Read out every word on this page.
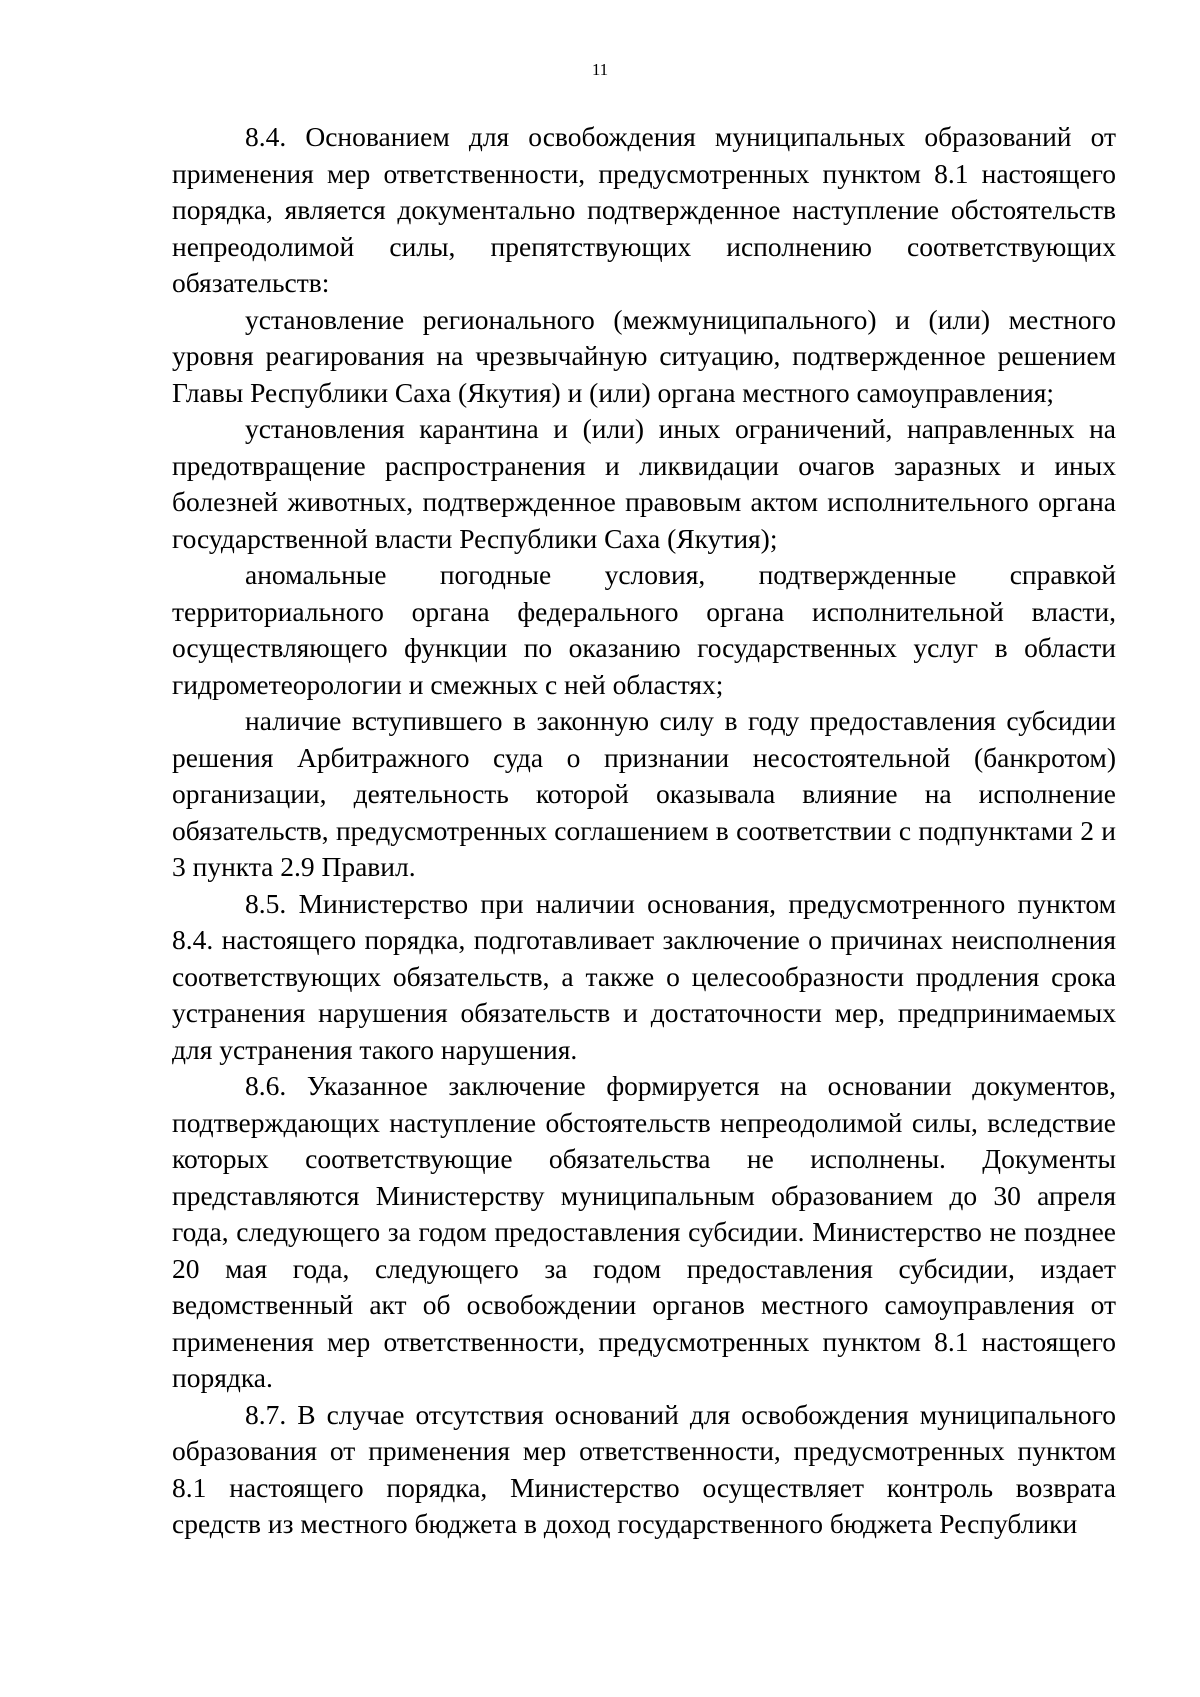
11

8.4. Основанием для освобождения муниципальных образований от применения мер ответственности, предусмотренных пунктом 8.1 настоящего порядка, является документально подтвержденное наступление обстоятельств непреодолимой силы, препятствующих исполнению соответствующих обязательств:

установление регионального (межмуниципального) и (или) местного уровня реагирования на чрезвычайную ситуацию, подтвержденное решением Главы Республики Саха (Якутия) и (или) органа местного самоуправления;

установления карантина и (или) иных ограничений, направленных на предотвращение распространения и ликвидации очагов заразных и иных болезней животных, подтвержденное правовым актом исполнительного органа государственной власти Республики Саха (Якутия);

аномальные погодные условия, подтвержденные справкой территориального органа федерального органа исполнительной власти, осуществляющего функции по оказанию государственных услуг в области гидрометеорологии и смежных с ней областях;

наличие вступившего в законную силу в году предоставления субсидии решения Арбитражного суда о признании несостоятельной (банкротом) организации, деятельность которой оказывала влияние на исполнение обязательств, предусмотренных соглашением в соответствии с подпунктами 2 и 3 пункта 2.9 Правил.

8.5. Министерство при наличии основания, предусмотренного пунктом 8.4. настоящего порядка, подготавливает заключение о причинах неисполнения соответствующих обязательств, а также о целесообразности продления срока устранения нарушения обязательств и достаточности мер, предпринимаемых для устранения такого нарушения.

8.6. Указанное заключение формируется на основании документов, подтверждающих наступление обстоятельств непреодолимой силы, вследствие которых соответствующие обязательства не исполнены. Документы представляются Министерству муниципальным образованием до 30 апреля года, следующего за годом предоставления субсидии. Министерство не позднее 20 мая года, следующего за годом предоставления субсидии, издает ведомственный акт об освобождении органов местного самоуправления от применения мер ответственности, предусмотренных пунктом 8.1 настоящего порядка.

8.7. В случае отсутствия оснований для освобождения муниципального образования от применения мер ответственности, предусмотренных пунктом 8.1 настоящего порядка, Министерство осуществляет контроль возврата средств из местного бюджета в доход государственного бюджета Республики
